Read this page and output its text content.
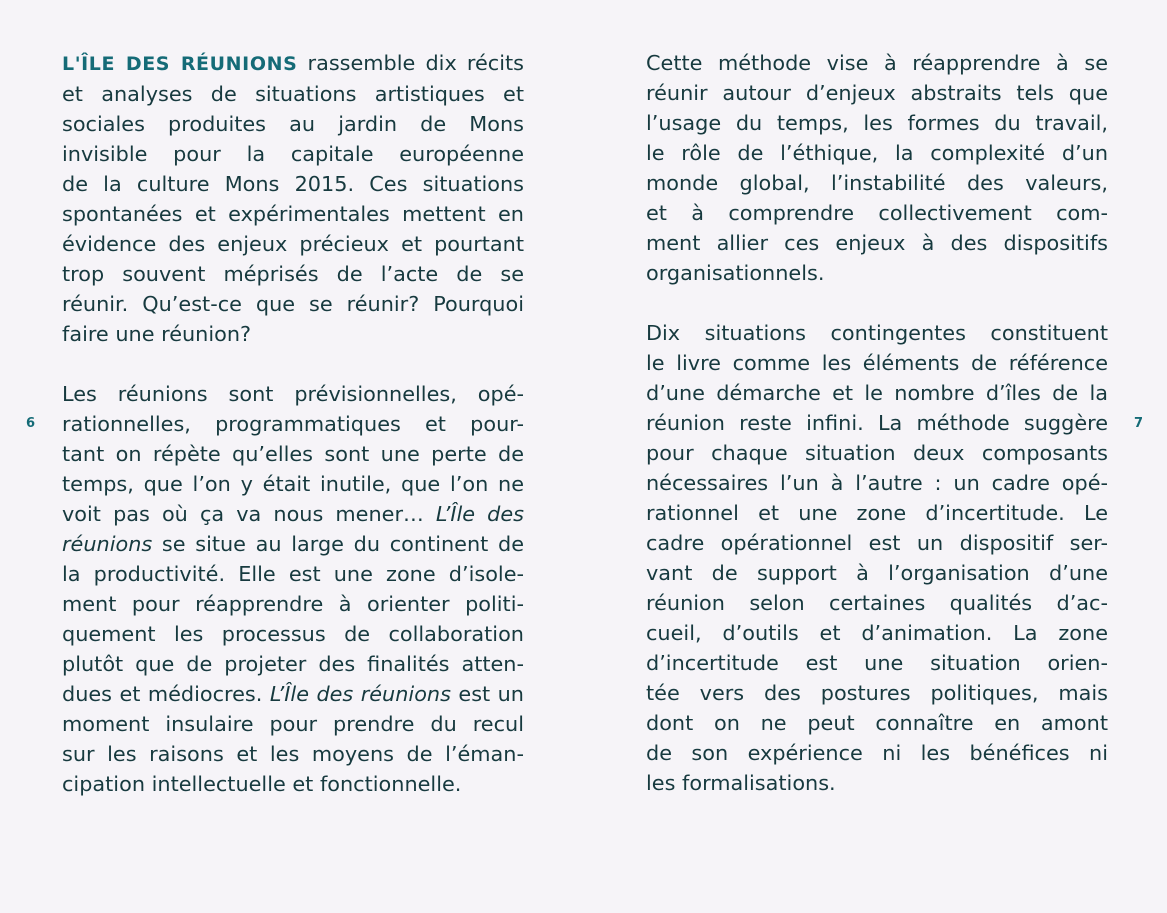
6	7
L'ÎLE DES RÉUNIONS rassemble dix récits
et analyses de situations artistiques et
sociales produites au jardin de Mons
invisible pour la capitale européenne
de la culture Mons 2015. Ces situations
spontanées et expérimentales mettent en
évidence des enjeux précieux et pourtant
trop souvent méprisés de l’acte de se
réunir. Qu’est-ce que se réunir? Pourquoi
faire une réunion?
Les réunions sont prévisionnelles, opé-
rationnelles, programmatiques et pour-
tant on répète qu’elles sont une perte de
temps, que l’on y était inutile, que l’on ne
voit pas où ça va nous mener… L’Île des
réunions se situe au large du continent de
la productivité. Elle est une zone d’isole-
ment pour réapprendre à orienter politi-
quement les processus de collaboration
plutôt que de projeter des finalités atten-
dues et médiocres. L’Île des réunions est un
moment insulaire pour prendre du recul
sur les raisons et les moyens de l’éman-
cipation intellectuelle et fonctionnelle.
Cette méthode vise à réapprendre à se
réunir autour d’enjeux abstraits tels que
l’usage du temps, les formes du travail,
le rôle de l’éthique, la complexité d’un
monde global, l’instabilité des valeurs,
et à comprendre collectivement com-
ment allier ces enjeux à des dispositifs
organisationnels.
Dix situations contingentes constituent
le livre comme les éléments de référence
d’une démarche et le nombre d’îles de la
réunion reste infini. La méthode suggère
pour chaque situation deux composants
nécessaires l’un à l’autre : un cadre opé-
rationnel et une zone d’incertitude. Le
cadre opérationnel est un dispositif ser-
vant de support à l’organisation d’une
réunion selon certaines qualités d’ac-
cueil, d’outils et d’animation. La zone
d’incertitude est une situation orien-
tée vers des postures politiques, mais
dont on ne peut connaître en amont
de son expérience ni les bénéfices ni
les formalisations.
